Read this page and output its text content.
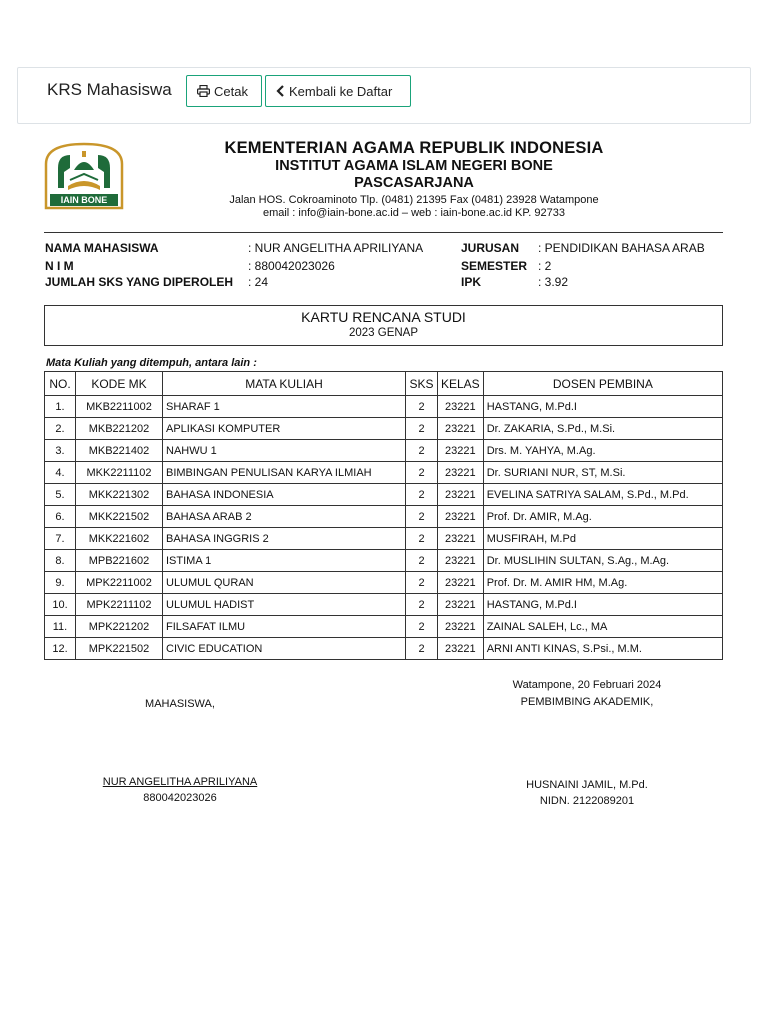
KRS Mahasiswa	Cetak	Kembali ke Daftar
IAIN BONE
KEMENTERIAN AGAMA REPUBLIK INDONESIA
INSTITUT AGAMA ISLAM NEGERI BONE
PASCASARJANA
Jalan HOS. Cokroaminoto Tlp. (0481) 21395 Fax (0481) 23928 Watampone
email : info@iain-bone.ac.id – web : iain-bone.ac.id KP. 92733
NAMA MAHASISWA	: NUR ANGELITHA APRILIYANA	JURUSAN : PENDIDIKAN BAHASA ARAB
N I M	: 880042023026	SEMESTER : 2
JUMLAH SKS YANG DIPEROLEH : 24	IPK	: 3.92
KARTU RENCANA STUDI
2023 GENAP
Mata Kuliah yang ditempuh, antara lain :
NO.	KODE MK	MATA KULIAH	SKS	KELAS	DOSEN PEMBINA
1.	MKB2211002	SHARAF 1	2	23221	HASTANG, M.Pd.I
2.	MKB221202	APLIKASI KOMPUTER	2	23221	Dr. ZAKARIA, S.Pd., M.Si.
3.	MKB221402	NAHWU 1	2	23221	Drs. M. YAHYA, M.Ag.
4.	MKK2211102	BIMBINGAN PENULISAN KARYA ILMIAH	2	23221	Dr. SURIANI NUR, ST, M.Si.
5.	MKK221302	BAHASA INDONESIA	2	23221	EVELINA SATRIYA SALAM, S.Pd., M.Pd.
6.	MKK221502	BAHASA ARAB 2	2	23221	Prof. Dr. AMIR, M.Ag.
7.	MKK221602	BAHASA INGGRIS 2	2	23221	MUSFIRAH, M.Pd
8.	MPB221602	ISTIMA 1	2	23221	Dr. MUSLIHIN SULTAN, S.Ag., M.Ag.
9.	MPK2211002	ULUMUL QURAN	2	23221	Prof. Dr. M. AMIR HM, M.Ag.
10.	MPK2211102	ULUMUL HADIST	2	23221	HASTANG, M.Pd.I
11.	MPK221202	FILSAFAT ILMU	2	23221	ZAINAL SALEH, Lc., MA
12.	MPK221502	CIVIC EDUCATION	2	23221	ARNI ANTI KINAS, S.Psi., M.M.
Watampone, 20 Februari 2024
MAHASISWA,	PEMBIMBING AKADEMIK,
NUR ANGELITHA APRILIYANA
880042023026
HUSNAINI JAMIL, M.Pd.
NIDN. 2122089201
